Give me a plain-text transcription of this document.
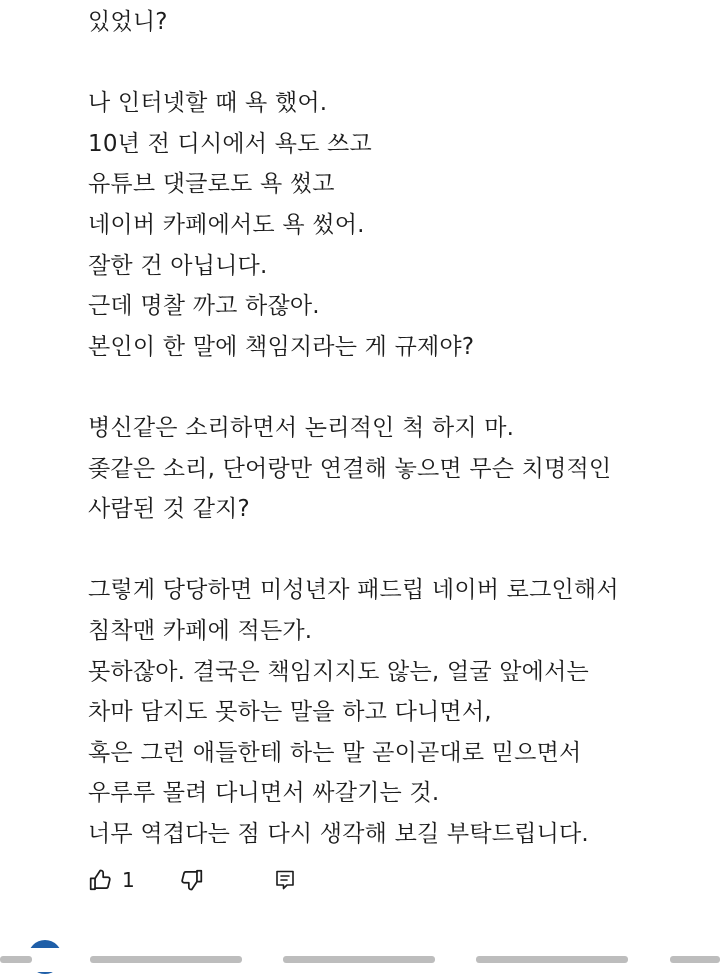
있었니?
나 인터넷할 때 욕 했어.
10년 전 디시에서 욕도 쓰고
유튜브 댓글로도 욕 썼고
네이버 카페에서도 욕 썼어.
잘한 건 아닙니다.
근데 명찰 까고 하잖아.
본인이 한 말에 책임지라는 게 규제야?
병신같은 소리하면서 논리적인 척 하지 마.
좆같은 소리, 단어랑만 연결해 놓으면 무슨 치명적인
사람된 것 같지?
그렇게 당당하면 미성년자 패드립 네이버 로그인해서
침착맨 카페에 적든가.
못하잖아. 결국은 책임지지도 않는, 얼굴 앞에서는
차마 담지도 못하는 말을 하고 다니면서,
혹은 그런 애들한테 하는 말 곧이곧대로 믿으면서
우루루 몰려 다니면서 싸갈기는 것.
너무 역겹다는 점 다시 생각해 보길 부탁드립니다.
1
